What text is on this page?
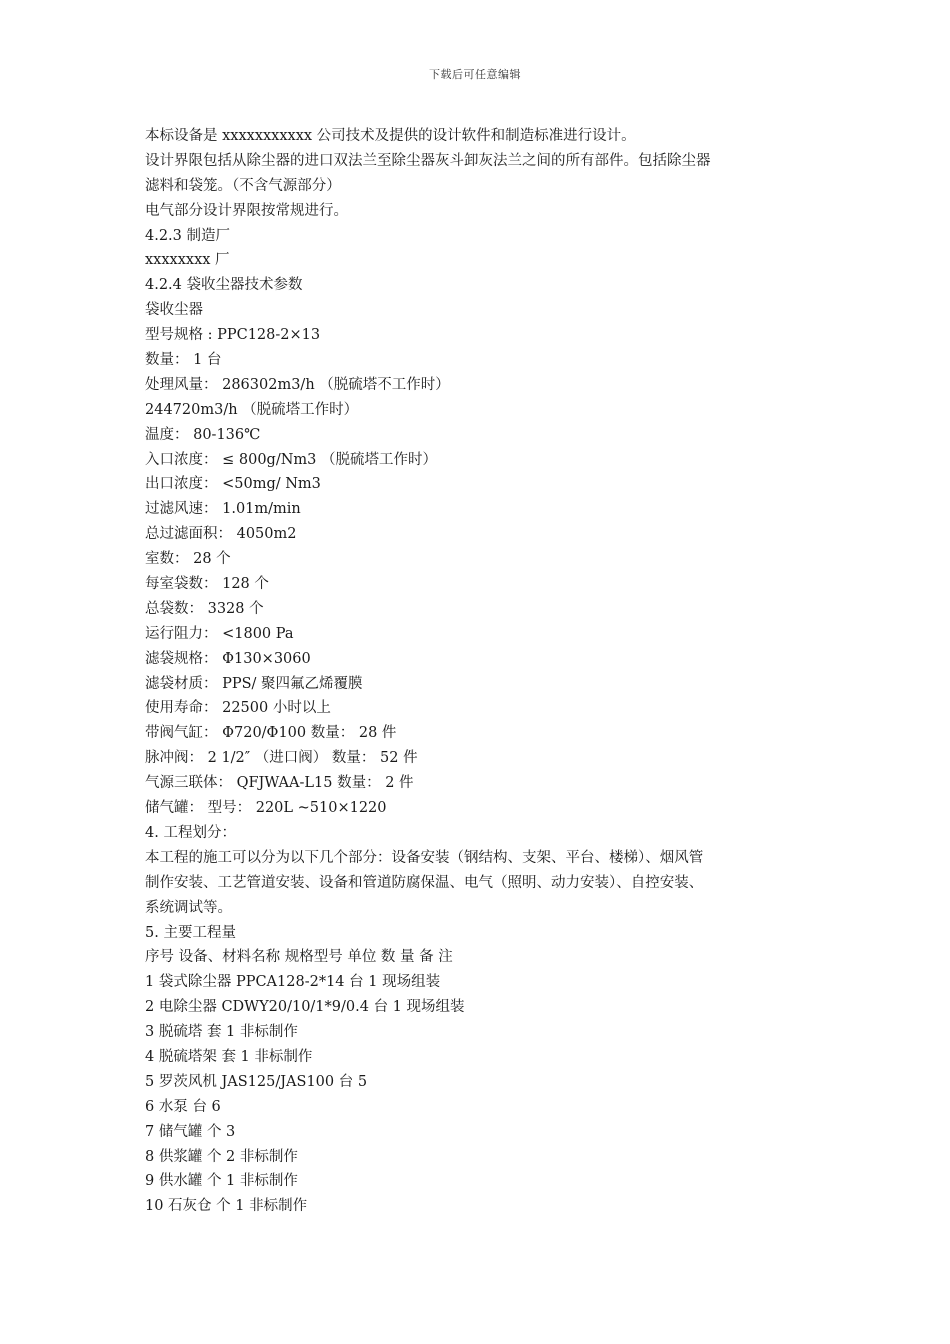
下载后可任意编辑
本标设备是 xxxxxxxxxxx 公司技术及提供的设计软件和制造标准进行设计。
设计界限包括从除尘器的进口双法兰至除尘器灰斗卸灰法兰之间的所有部件。包括除尘器
滤料和袋笼。（不含气源部分）
电气部分设计界限按常规进行。
4.2.3 制造厂
xxxxxxxx 厂
4.2.4 袋收尘器技术参数
袋收尘器
型号规格 : PPC128-2×13
数量： 1 台
处理风量： 286302m3/h （脱硫塔不工作时）
244720m3/h （脱硫塔工作时）
温度： 80-136℃
入口浓度： ≤ 800g/Nm3 （脱硫塔工作时）
出口浓度： <50mg/ Nm3
过滤风速： 1.01m/min
总过滤面积： 4050m2
室数： 28 个
每室袋数： 128 个
总袋数： 3328 个
运行阻力： <1800 Pa
滤袋规格： Φ130×3060
滤袋材质： PPS/ 聚四氟乙烯覆膜
使用寿命： 22500 小时以上
带阀气缸： Φ720/Φ100 数量： 28 件
脉冲阀： 2 1/2″ （进口阀） 数量： 52 件
气源三联体： QFJWAA-L15 数量： 2 件
储气罐： 型号： 220L ~510×1220
4. 工程划分：
本工程的施工可以分为以下几个部分：设备安装（钢结构、支架、平台、楼梯）、烟风管
制作安装、工艺管道安装、设备和管道防腐保温、电气（照明、动力安装）、自控安装、
系统调试等。
5. 主要工程量
序号 设备、材料名称 规格型号 单位 数 量 备 注
1 袋式除尘器 PPCA128-2*14 台 1 现场组装
2 电除尘器 CDWY20/10/1*9/0.4 台 1 现场组装
3 脱硫塔 套 1 非标制作
4 脱硫塔架 套 1 非标制作
5 罗茨风机 JAS125/JAS100 台 5
6 水泵 台 6
7 储气罐 个 3
8 供浆罐 个 2 非标制作
9 供水罐 个 1 非标制作
10 石灰仓 个 1 非标制作
